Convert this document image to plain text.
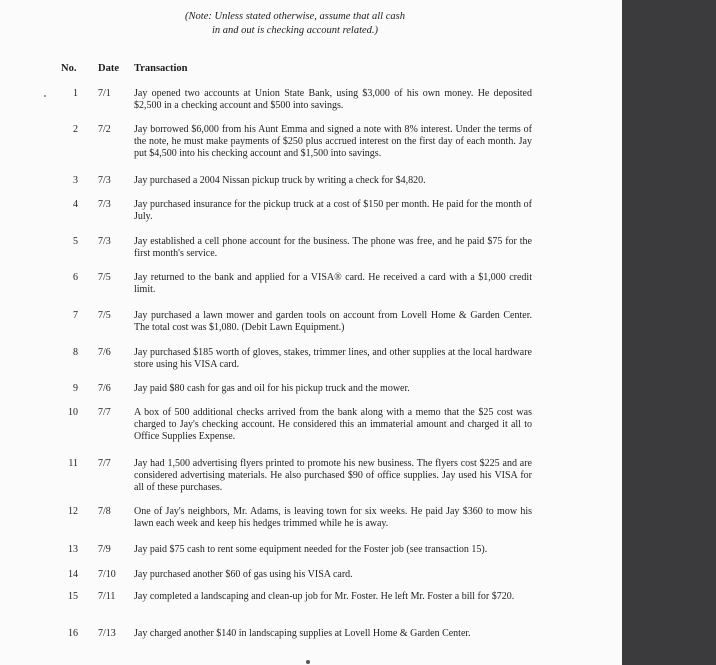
(Note: Unless stated otherwise, assume that all cash
in and out is checking account related.)
No. Date Transaction
1 7/1	Jay opened two accounts at Union State Bank, using $3,000 of his own money. He deposited $2,500 in a checking account and $500 into savings.
2 7/2	Jay borrowed $6,000 from his Aunt Emma and signed a note with 8% interest. Under the terms of the note, he must make payments of $250 plus accrued interest on the first day of each month. Jay put $4,500 into his checking account and $1,500 into savings.
3 7/3	Jay purchased a 2004 Nissan pickup truck by writing a check for $4,820.
4 7/3	Jay purchased insurance for the pickup truck at a cost of $150 per month. He paid for the month of July.
5 7/3	Jay established a cell phone account for the business. The phone was free, and he paid $75 for the first month's service.
6 7/5	Jay returned to the bank and applied for a VISA® card. He received a card with a $1,000 credit limit.
7 7/5	Jay purchased a lawn mower and garden tools on account from Lovell Home & Garden Center. The total cost was $1,080. (Debit Lawn Equipment.)
8 7/6	Jay purchased $185 worth of gloves, stakes, trimmer lines, and other supplies at the local hardware store using his VISA card.
9 7/6	Jay paid $80 cash for gas and oil for his pickup truck and the mower.
10 7/7	A box of 500 additional checks arrived from the bank along with a memo that the $25 cost was charged to Jay's checking account. He considered this an immaterial amount and charged it all to Office Supplies Expense.
11 7/7	Jay had 1,500 advertising flyers printed to promote his new business. The flyers cost $225 and are considered advertising materials. He also purchased $90 of office supplies. Jay used his VISA for all of these purchases.
12 7/8	One of Jay's neighbors, Mr. Adams, is leaving town for six weeks. He paid Jay $360 to mow his lawn each week and keep his hedges trimmed while he is away.
13 7/9	Jay paid $75 cash to rent some equipment needed for the Foster job (see transaction 15).
14 7/10	Jay purchased another $60 of gas using his VISA card.
15 7/11	Jay completed a landscaping and clean-up job for Mr. Foster. He left Mr. Foster a bill for $720.
16 7/13	Jay charged another $140 in landscaping supplies at Lovell Home & Garden Center.
